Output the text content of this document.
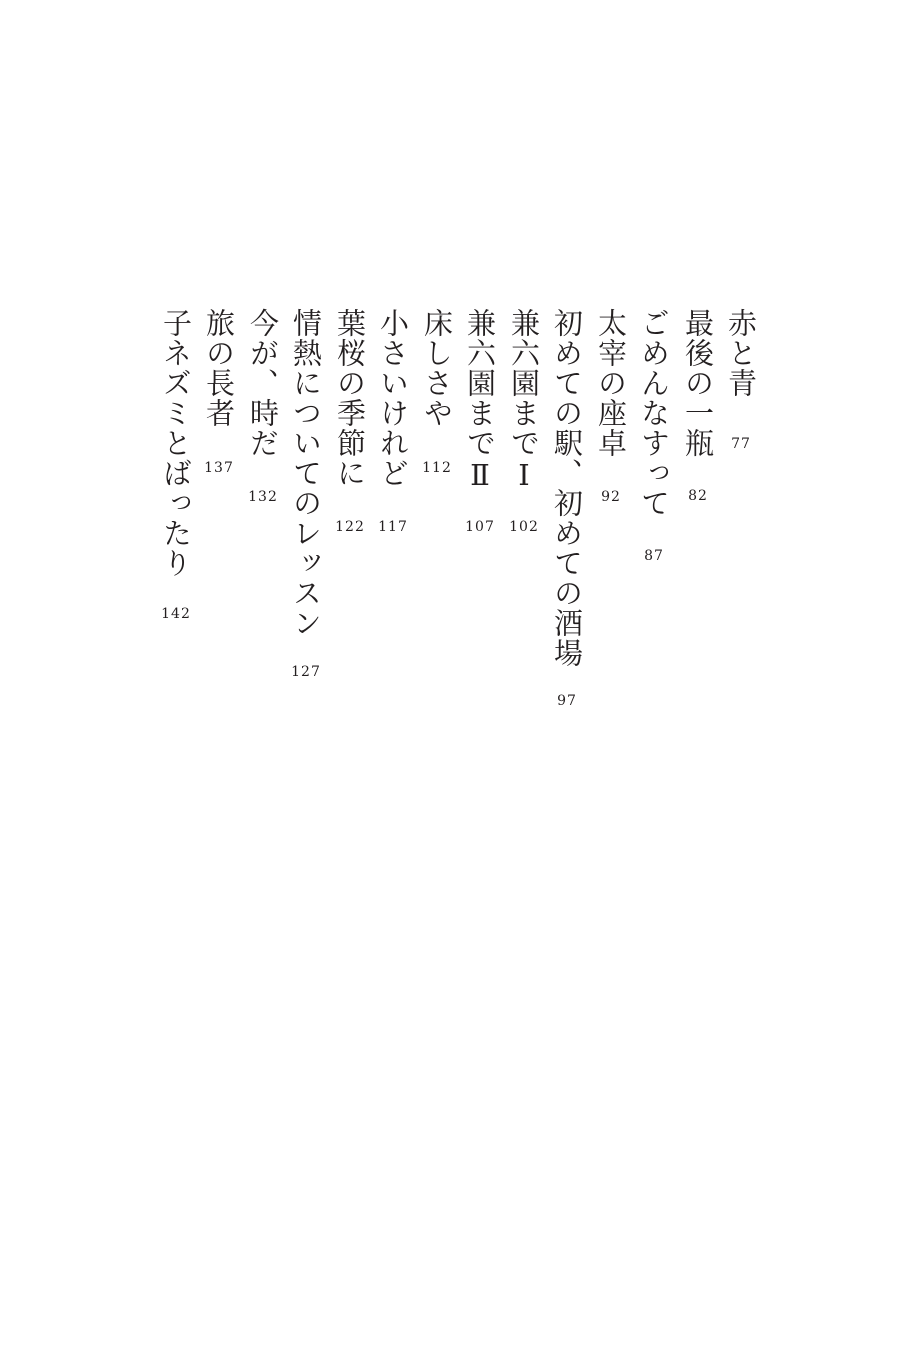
赤と青
77
最後の一瓶
82
ごめんなすって
87
太宰の座卓
92
初めての駅、初めての酒場
97
兼六園までⅠ
102
兼六園までⅡ
107
床しさや
112
小さいけれど
117
葉桜の季節に
122
情熱についてのレッスン
127
今が、時だ
132
旅の長者
137
子ネズミとばったり
142
